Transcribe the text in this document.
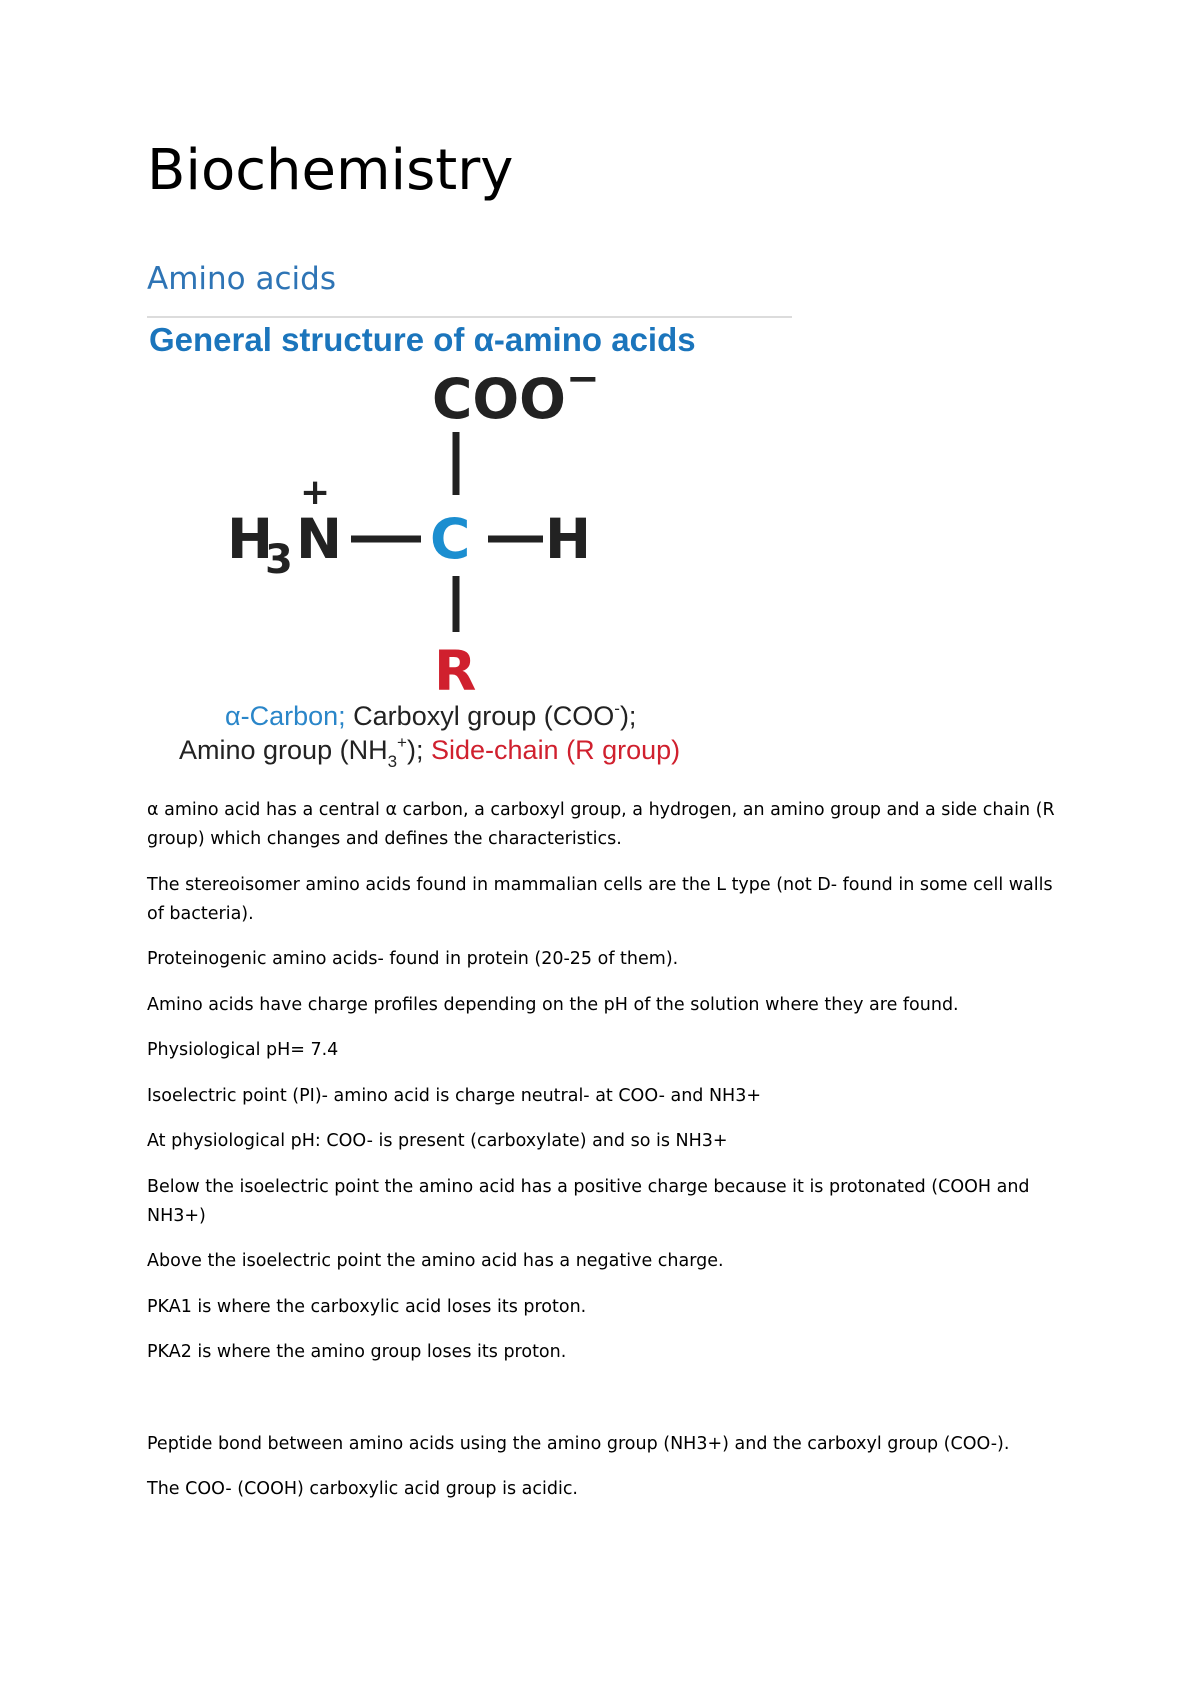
Biochemistry
Amino acids
General structure of α-amino acids
COO −
H
3 N
+
C H
R
α-Carbon; Carboxyl group (COO-);
Amino group $(NH_3^+)$; Side-chain (R group)

α amino acid has a central α carbon, a carboxyl group, a hydrogen, an amino group and a side chain (R group) which changes and defines the characteristics.

The stereoisomer amino acids found in mammalian cells are the L type (not D- found in some cell walls of bacteria).

Proteinogenic amino acids- found in protein (20-25 of them).

Amino acids have charge profiles depending on the pH of the solution where they are found.

Physiological pH= 7.4

Isoelectric point (PI)- amino acid is charge neutral- at COO- and NH3+

At physiological pH: COO- is present (carboxylate) and so is NH3+

Below the isoelectric point the amino acid has a positive charge because it is protonated (COOH and NH3+)

Above the isoelectric point the amino acid has a negative charge.

PKA1 is where the carboxylic acid loses its proton.

PKA2 is where the amino group loses its proton.

Peptide bond between amino acids using the amino group (NH3+) and the carboxyl group (COO-).

The COO- (COOH) carboxylic acid group is acidic.
